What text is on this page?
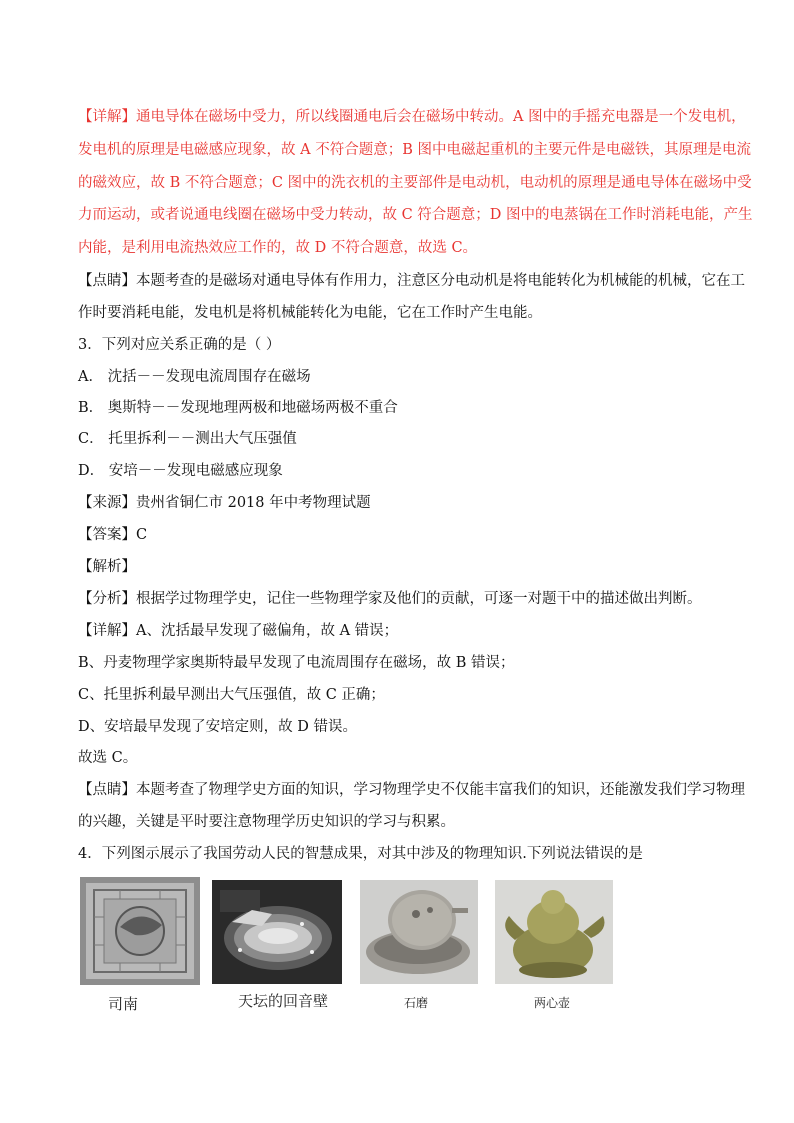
【详解】通电导体在磁场中受力，所以线圈通电后会在磁场中转动。A 图中的手摇充电器是一个发电机，
发电机的原理是电磁感应现象，故 A 不符合题意；B 图中电磁起重机的主要元件是电磁铁，其原理是电流
的磁效应，故 B 不符合题意；C 图中的洗衣机的主要部件是电动机，电动机的原理是通电导体在磁场中受
力而运动，或者说通电线圈在磁场中受力转动，故 C 符合题意；D 图中的电蒸锅在工作时消耗电能，产生
内能，是利用电流热效应工作的，故 D 不符合题意，故选 C。
【点睛】本题考查的是磁场对通电导体有作用力，注意区分电动机是将电能转化为机械能的机械，它在工
作时要消耗电能，发电机是将机械能转化为电能，它在工作时产生电能。
3．下列对应关系正确的是（ ）
A． 沈括－－发现电流周围存在磁场
B． 奥斯特－－发现地理两极和地磁场两极不重合
C． 托里拆利－－测出大气压强值
D． 安培－－发现电磁感应现象
【来源】贵州省铜仁市 2018 年中考物理试题
【答案】C
【解析】
【分析】根据学过物理学史，记住一些物理学家及他们的贡献，可逐一对题干中的描述做出判断。
【详解】A、沈括最早发现了磁偏角，故 A 错误；
B、丹麦物理学家奥斯特最早发现了电流周围存在磁场，故 B 错误；
C、托里拆利最早测出大气压强值，故 C 正确；
D、安培最早发现了安培定则，故 D 错误。
故选 C。
【点睛】本题考查了物理学史方面的知识，学习物理学史不仅能丰富我们的知识，还能激发我们学习物理
的兴趣，关键是平时要注意物理学历史知识的学习与积累。
4．下列图示展示了我国劳动人民的智慧成果，对其中涉及的物理知识.下列说法错误的是
司南	天坛的回音壁	石磨	两心壶
